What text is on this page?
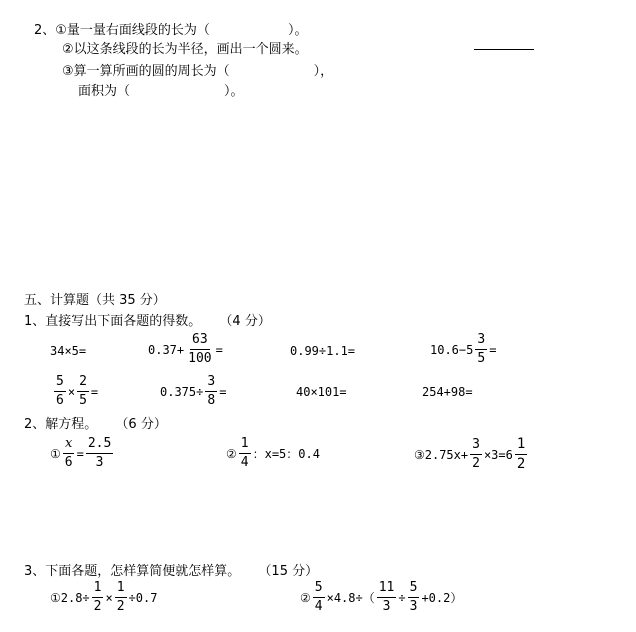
2、①量一量右面线段的长为（	）。
②以这条线段的长为半径，画出一个圆来。
③算一算所画的圆的周长为（	），
面积为（	）。
五、计算题（共 35 分）
1、直接写出下面各题的得数。 （4 分）
34×5=	$0.37+ \frac{63}{100}$ =	0.99÷1.1=	$10.6-5 \frac{3}{5}$ =
$\frac{5}{6} \times \frac{2}{5}$ =	$0.375\div \frac{3}{8}$ =	40×101=	254+98=
2、解方程。 （6 分）
① $\frac{x}{6} = \frac{2.5}{3}$	② $\frac{1}{4}$ ：x=5：0.4	③2.75x+ $\frac{3}{2} \times 3=6 \frac{1}{2}$
3、下面各题，怎样算简便就怎样算。 （15 分）
①2.8÷ $\frac{1}{2} \times \frac{1}{2} \div 0.7$	② $\frac{5}{4} \times 4.8\div( \frac{11}{3} \div \frac{5}{3} +0.2)$
